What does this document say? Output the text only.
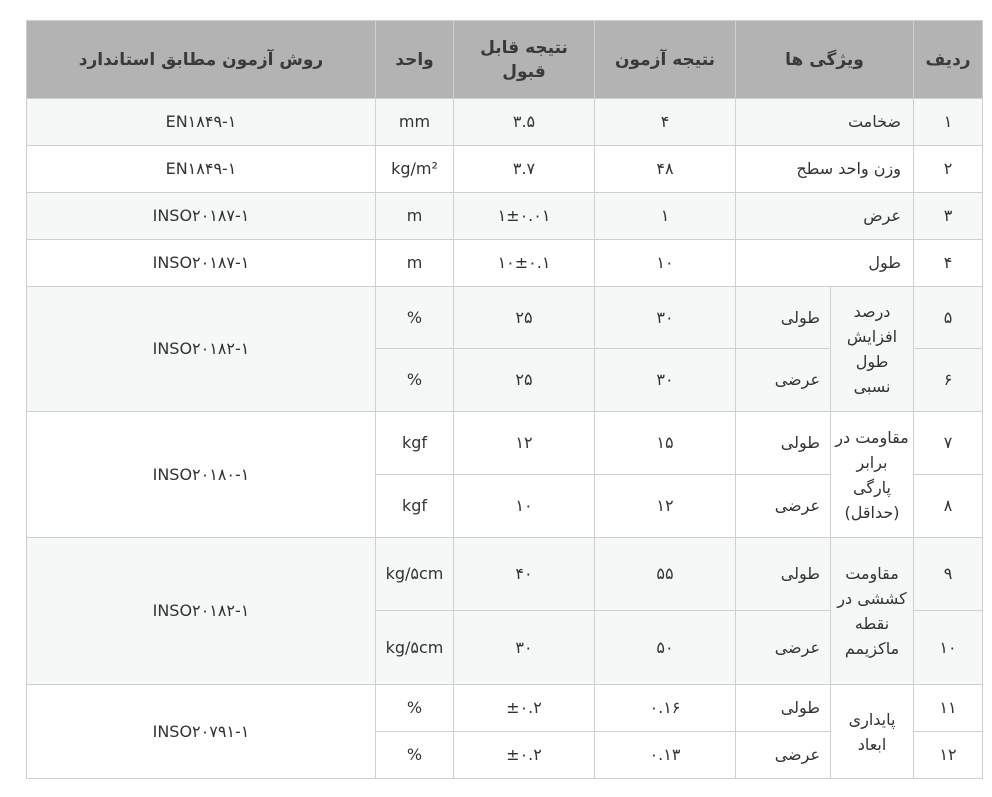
ردیف	ویژگی ها		نتیجه آزمون	نتیجه قابل قبول	واحد	روش آزمون مطابق استاندارد
۱	ضخامت		۴	۳.۵	mm	EN۱۸۴۹-۱
۲	وزن واحد سطح		۴۸	۳.۷	kg/m²	EN۱۸۴۹-۱
۳	عرض		۱	۱±۰.۰۱	m	INSO۲۰۱۸۷-۱
۴	طول		۱۰	۱۰±۰.۱	m	INSO۲۰۱۸۷-۱
۵	درصد افزایش طول نسبی	طولی	۳۰	۲۵	%	INSO۲۰۱۸۲-۱
۶		عرضی	۳۰	۲۵	%	
۷	مقاومت در برابر پارگی (حداقل)	طولی	۱۵	۱۲	kgf	INSO۲۰۱۸۰-۱
۸		عرضی	۱۲	۱۰	kgf	
۹	مقاومت کششی در نقطه ماکزیمم	طولی	۵۵	۴۰	kg/۵cm	INSO۲۰۱۸۲-۱
۱۰		عرضی	۵۰	۳۰	kg/۵cm	
۱۱	پایداری ابعاد	طولی	۰.۱۶	±۰.۲	%	INSO۲۰۷۹۱-۱
۱۲		عرضی	۰.۱۳	±۰.۲	%	
